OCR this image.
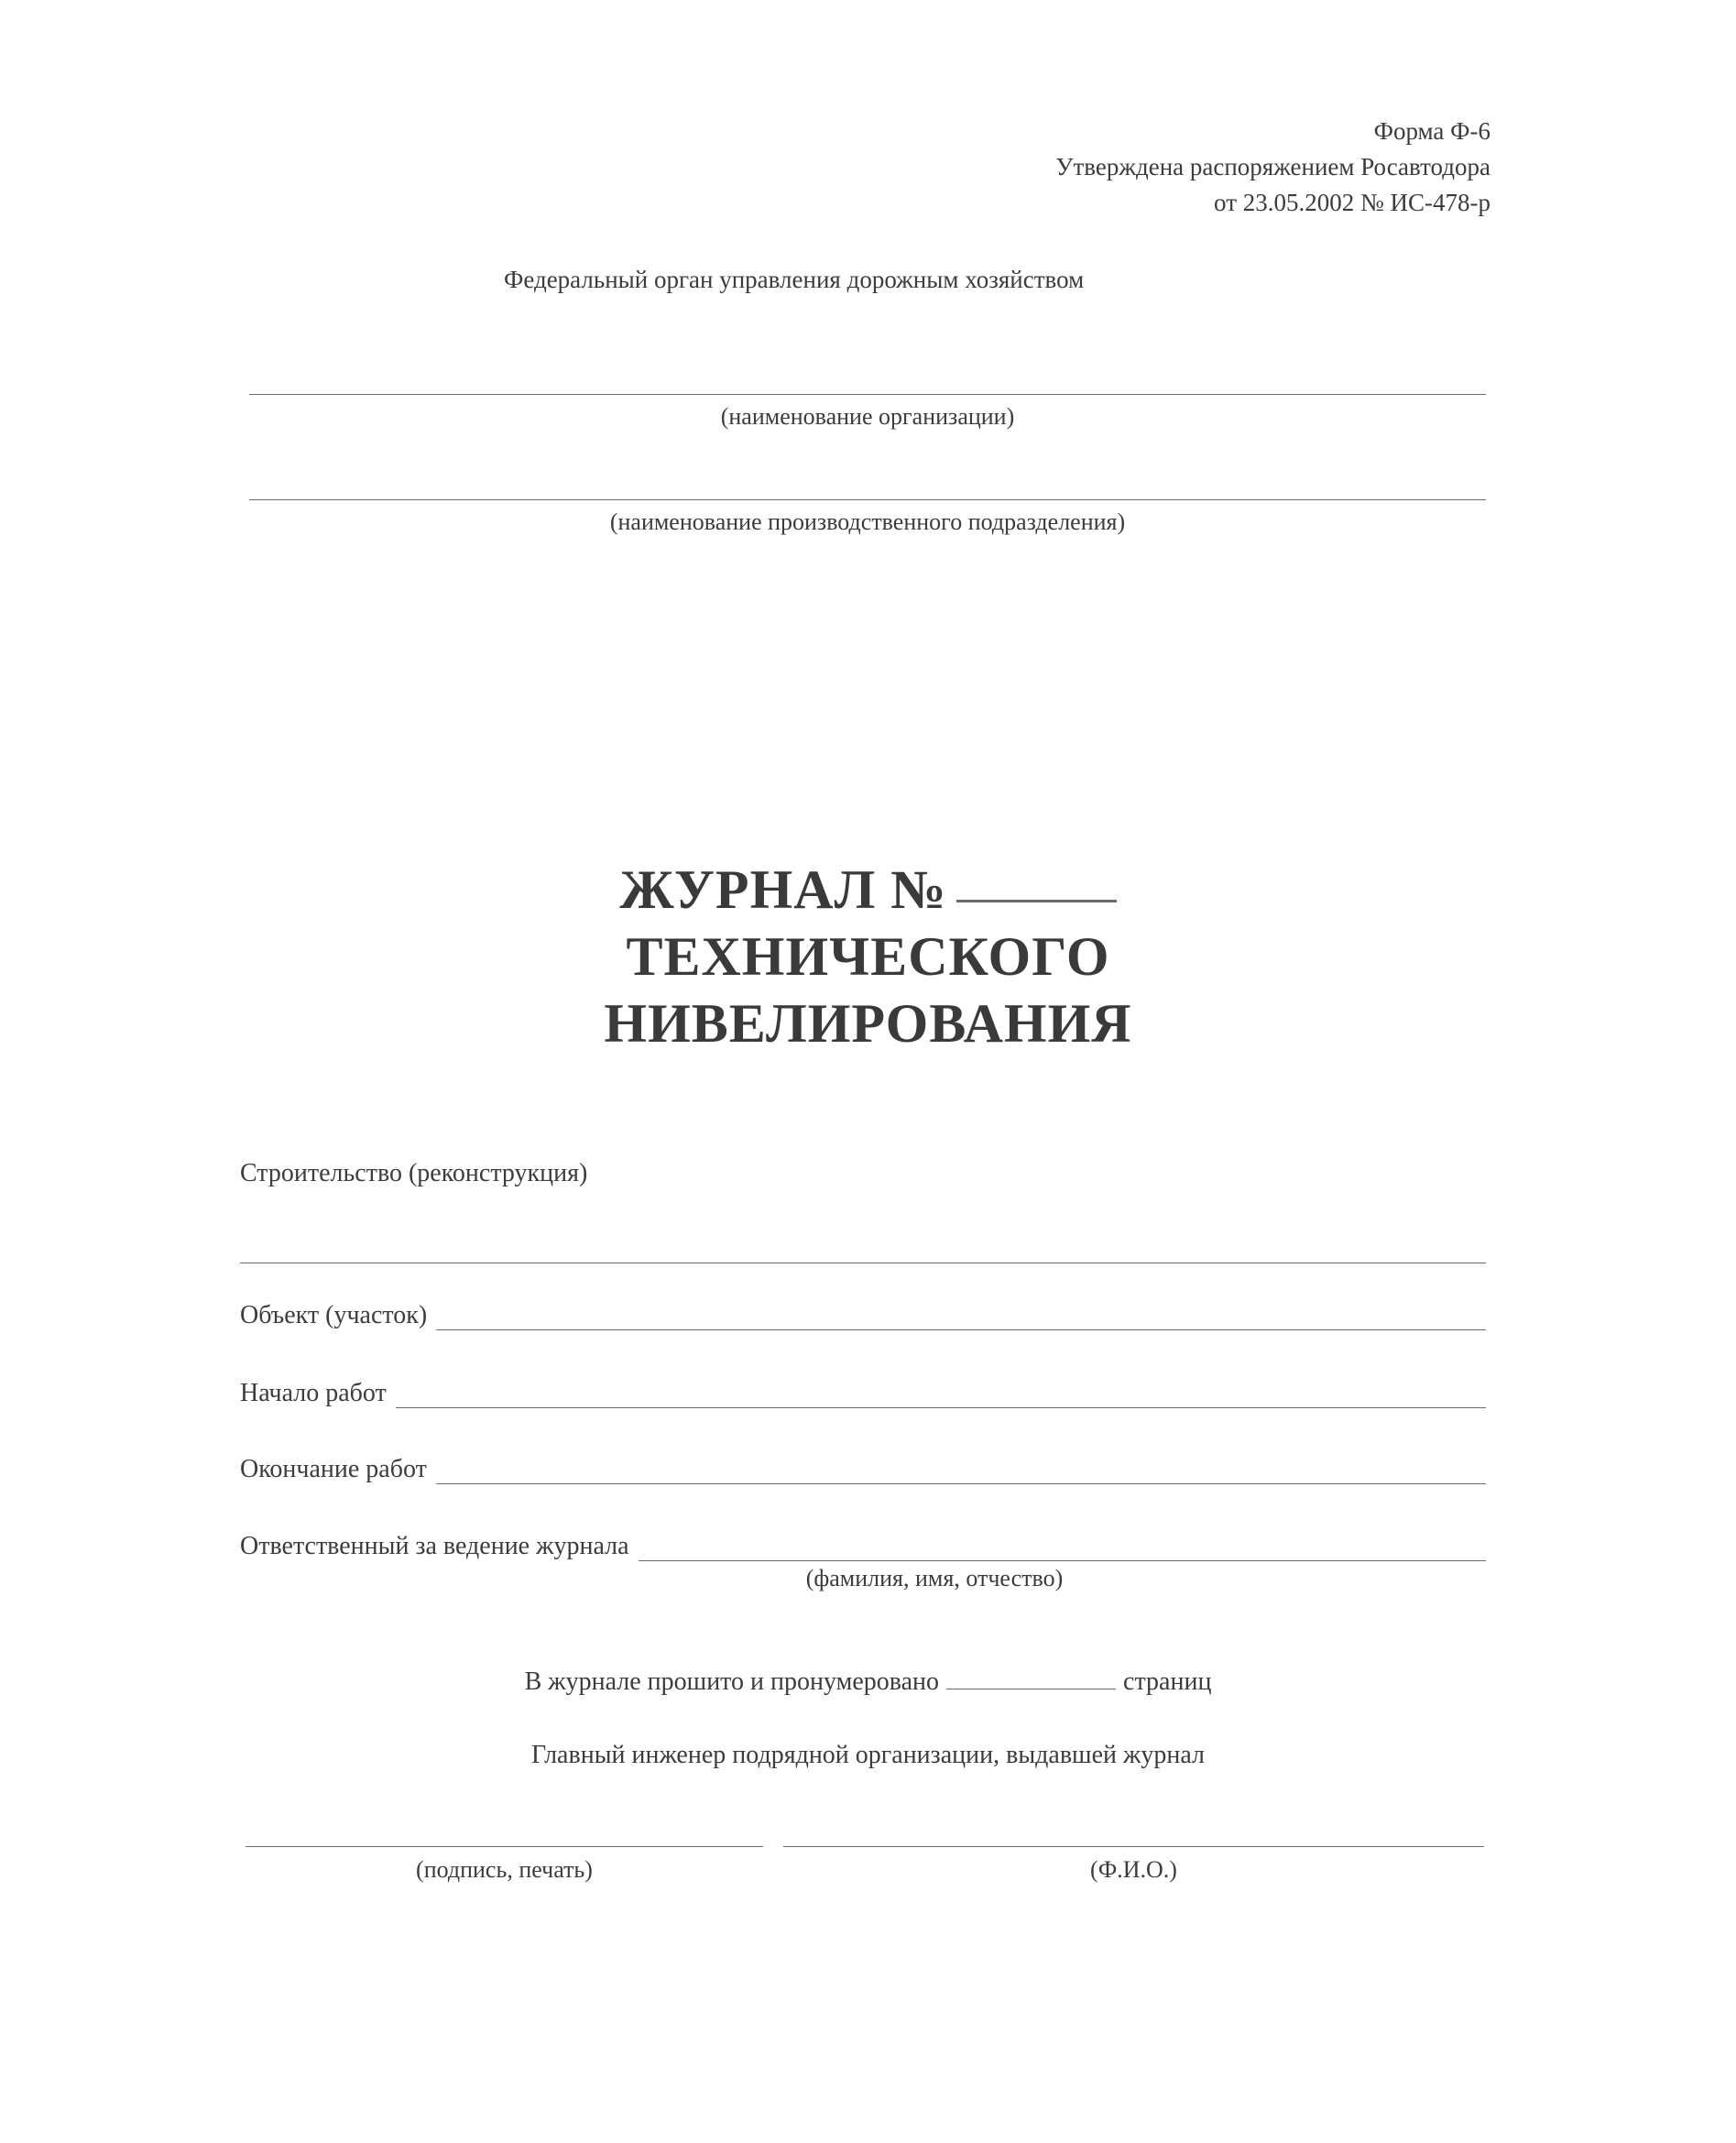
Форма Ф-6
Утверждена распоряжением Росавтодора
от 23.05.2002 № ИС-478-р
Федеральный орган управления дорожным хозяйством
(наименование организации)
(наименование производственного подразделения)
ЖУРНАЛ №
ТЕХНИЧЕСКОГО
НИВЕЛИРОВАНИЯ
Строительство (реконструкция)
Объект (участок)
Начало работ
Окончание работ
Ответственный за ведение журнала
(фамилия, имя, отчество)
В журнале прошито и пронумеровано	страниц
Главный инженер подрядной организации, выдавшей журнал
(подпись, печать)	(Ф.И.О.)
